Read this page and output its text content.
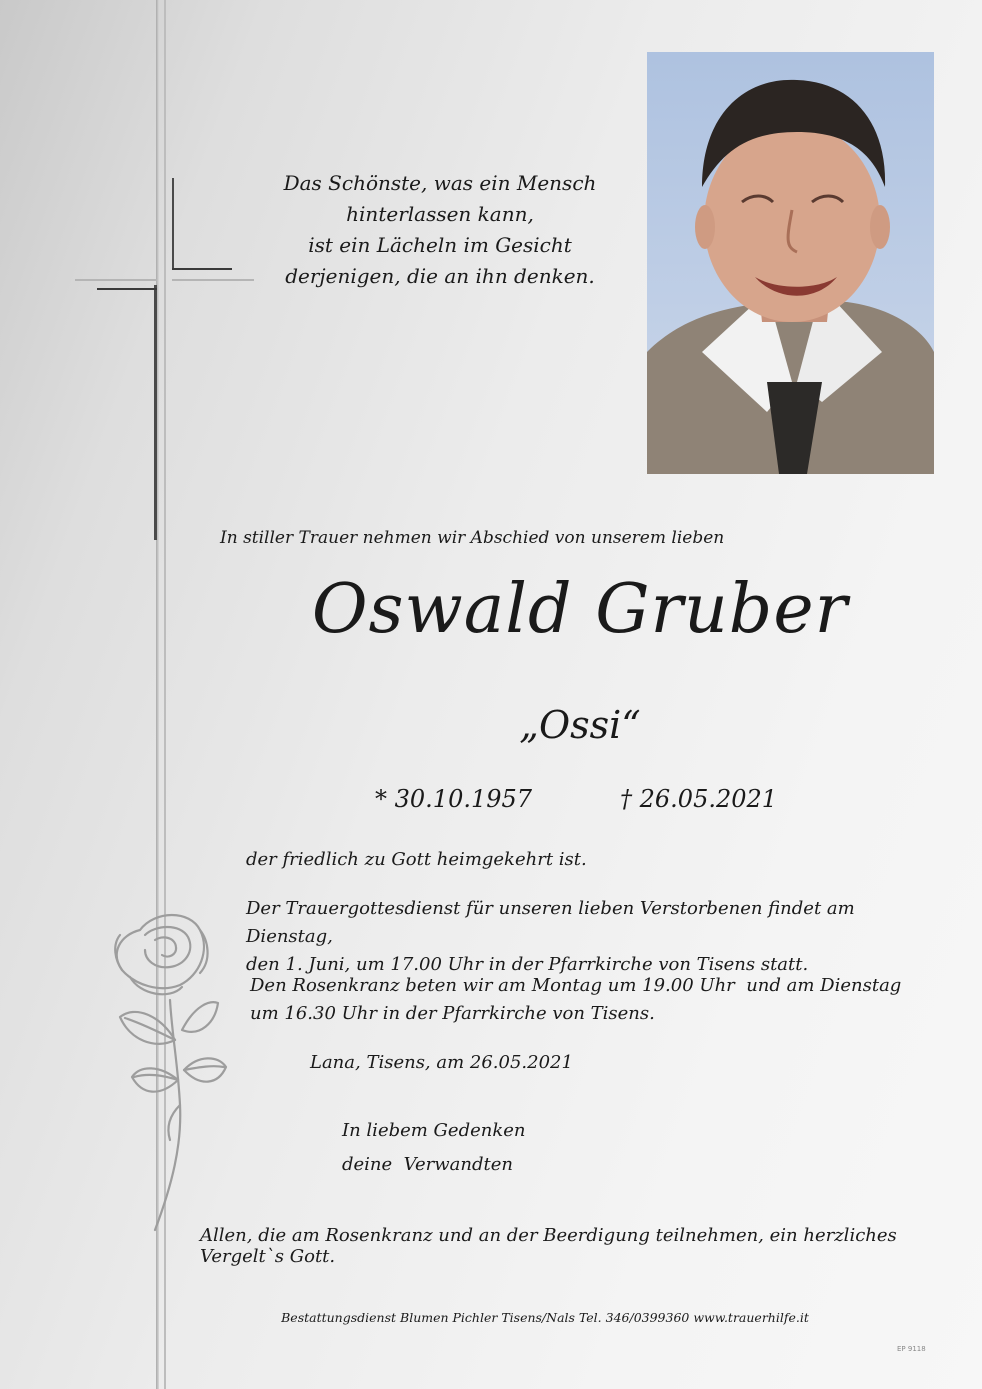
Das Schönste, was ein Mensch
hinterlassen kann,
ist ein Lächeln im Gesicht
derjenigen, die an ihn denken.
In stiller Trauer nehmen wir Abschied von unserem lieben
Oswald Gruber
„Ossi“
* 30.10.1957	† 26.05.2021
der friedlich zu Gott heimgekehrt ist.
Der Trauergottesdienst für unseren lieben Verstorbenen findet am Dienstag,
den 1. Juni, um 17.00 Uhr in der Pfarrkirche von Tisens statt.
Den Rosenkranz beten wir am Montag um 19.00 Uhr  und am Dienstag
um 16.30 Uhr in der Pfarrkirche von Tisens.
Lana, Tisens, am 26.05.2021
In liebem Gedenken
deine  Verwandten
Allen, die am Rosenkranz und an der Beerdigung teilnehmen, ein herzliches Vergelt`s Gott.
Bestattungsdienst Blumen Pichler Tisens/Nals Tel. 346/0399360 www.trauerhilfe.it
EP 9118
